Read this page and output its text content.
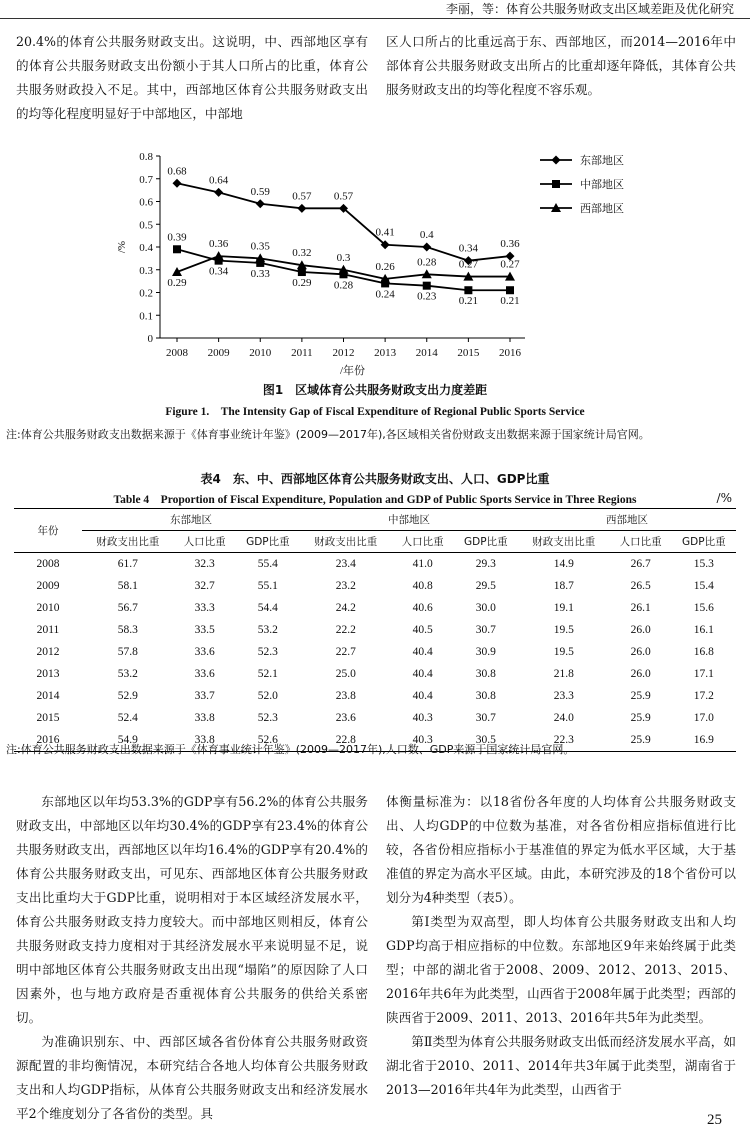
李丽，等：体育公共服务财政支出区域差距及优化研究

20.4%的体育公共服务财政支出。这说明，中、西部地区享有的体育公共服务财政支出份额小于其人口所占的比重，体育公共服务财政投入不足。其中，西部地区体育公共服务财政支出的均等化程度明显好于中部地区，中部地

区人口所占的比重远高于东、西部地区，而2014—2016年中部体育公共服务财政支出所占的比重却逐年降低，其体育公共服务财政支出的均等化程度不容乐观。

0
0.1
0.2
0.3
0.4
0.5
0.6
0.7
0.8
2008 2009 2010 2011 2012 2013 2014 2015 2016
/%
/年份
0.68
0.64
0.59 0.57 0.57
0.41 0.4
0.34 0.36
东部地区
0.39
0.34 0.33
0.29 0.28
0.24 0.23 0.21 0.21
中部地区
0.29
0.36 0.35
0.32 0.3
0.26 0.28 0.27 0.27
西部地区
图1　区域体育公共服务财政支出力度差距
Figure 1.　The Intensity Gap of Fiscal Expenditure of Regional Public Sports Service
注:体育公共服务财政支出数据来源于《体育事业统计年鉴》(2009—2017年),各区域相关省份财政支出数据来源于国家统计局官网。
表4　东、中、西部地区体育公共服务财政支出、人口、GDP比重
Table 4　Proportion of Fiscal Expenditure, Population and GDP of Public Sports Service in Three Regions	/%
年份	东部地区			中部地区			西部地区		
	财政支出比重	人口比重	GDP比重	财政支出比重	人口比重	GDP比重	财政支出比重	人口比重	GDP比重
2008	61.7	32.3	55.4	23.4	41.0	29.3	14.9	26.7	15.3
2009	58.1	32.7	55.1	23.2	40.8	29.5	18.7	26.5	15.4
2010	56.7	33.3	54.4	24.2	40.6	30.0	19.1	26.1	15.6
2011	58.3	33.5	53.2	22.2	40.5	30.7	19.5	26.0	16.1
2012	57.8	33.6	52.3	22.7	40.4	30.9	19.5	26.0	16.8
2013	53.2	33.6	52.1	25.0	40.4	30.8	21.8	26.0	17.1
2014	52.9	33.7	52.0	23.8	40.4	30.8	23.3	25.9	17.2
2015	52.4	33.8	52.3	23.6	40.3	30.7	24.0	25.9	17.0
2016	54.9	33.8	52.6	22.8	40.3	30.5	22.3	25.9	16.9
注:体育公共服务财政支出数据来源于《体育事业统计年鉴》(2009—2017年),人口数、GDP来源于国家统计局官网。

东部地区以年均53.3%的GDP享有56.2%的体育公共服务财政支出，中部地区以年均30.4%的GDP享有23.4%的体育公共服务财政支出，西部地区以年均16.4%的GDP享有20.4%的体育公共服务财政支出，可见东、西部地区体育公共服务财政支出比重均大于GDP比重，说明相对于本区域经济发展水平，体育公共服务财政支持力度较大。而中部地区则相反，体育公共服务财政支持力度相对于其经济发展水平来说明显不足，说明中部地区体育公共服务财政支出出现“塌陷”的原因除了人口因素外，也与地方政府是否重视体育公共服务的供给关系密切。

为准确识别东、中、西部区域各省份体育公共服务财政资源配置的非均衡情况，本研究结合各地人均体育公共服务财政支出和人均GDP指标，从体育公共服务财政支出和经济发展水平2个维度划分了各省份的类型。具

体衡量标准为：以18省份各年度的人均体育公共服务财政支出、人均GDP的中位数为基准，对各省份相应指标值进行比较，各省份相应指标小于基准值的界定为低水平区域，大于基准值的界定为高水平区域。由此，本研究涉及的18个省份可以划分为4种类型（表5）。

第Ⅰ类型为双高型，即人均体育公共服务财政支出和人均GDP均高于相应指标的中位数。东部地区9年来始终属于此类型；中部的湖北省于2008、2009、2012、2013、2015、2016年共6年为此类型，山西省于2008年属于此类型；西部的陕西省于2009、2011、2013、2016年共5年为此类型。

第Ⅱ类型为体育公共服务财政支出低而经济发展水平高，如湖北省于2010、2011、2014年共3年属于此类型，湖南省于2013—2016年共4年为此类型，山西省于

25
